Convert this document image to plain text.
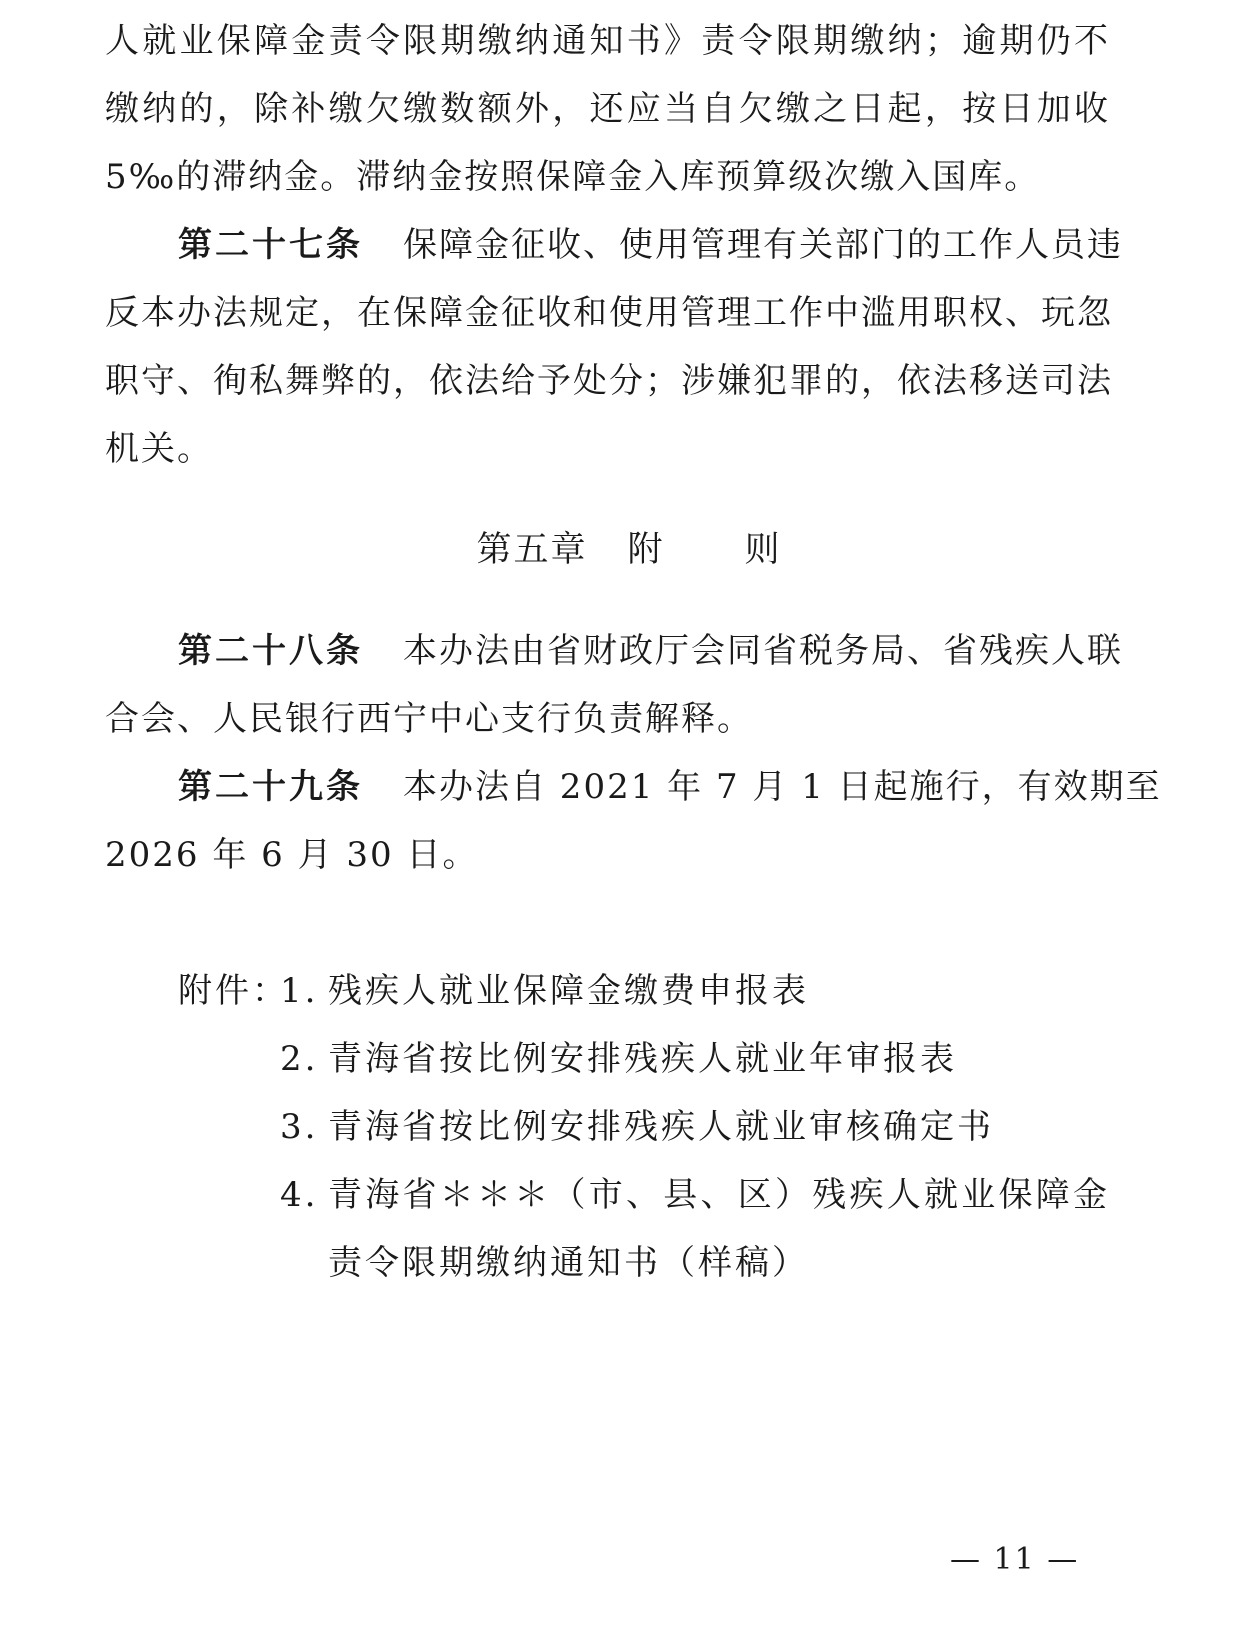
人就业保障金责令限期缴纳通知书》责令限期缴纳；逾期仍不
缴纳的，除补缴欠缴数额外，还应当自欠缴之日起，按日加收
5‰的滞纳金。滞纳金按照保障金入库预算级次缴入国库。
第二十七条 保障金征收、使用管理有关部门的工作人员违
反本办法规定，在保障金征收和使用管理工作中滥用职权、玩忽
职守、徇私舞弊的，依法给予处分；涉嫌犯罪的，依法移送司法
机关。
第五章 附 则
第二十八条 本办法由省财政厅会同省税务局、省残疾人联
合会、人民银行西宁中心支行负责解释。
第二十九条 本办法自 2021 年 7 月 1 日起施行，有效期至
2026 年 6 月 30 日。
附件：
1. 残疾人就业保障金缴费申报表
2. 青海省按比例安排残疾人就业年审报表
3. 青海省按比例安排残疾人就业审核确定书
4. 青海省＊＊＊（市、县、区）残疾人就业保障金
责令限期缴纳通知书（样稿）
— 11 —
